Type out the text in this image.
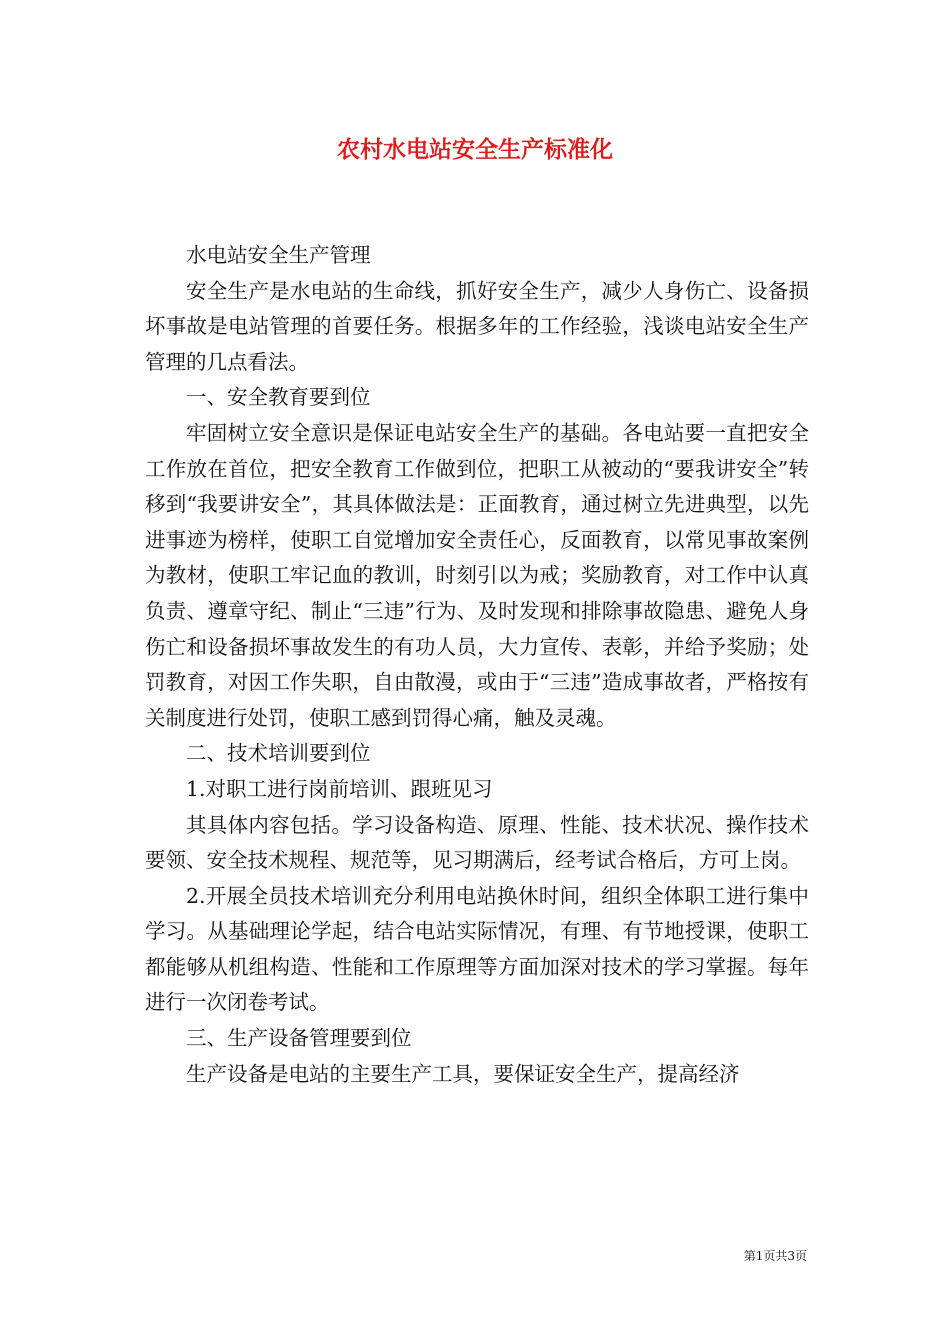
农村水电站安全生产标准化

水电站安全生产管理

安全生产是水电站的生命线，抓好安全生产，减少人身伤亡、设备损坏事故是电站管理的首要任务。根据多年的工作经验，浅谈电站安全生产管理的几点看法。

一、安全教育要到位

牢固树立安全意识是保证电站安全生产的基础。各电站要一直把安全工作放在首位，把安全教育工作做到位，把职工从被动的“要我讲安全”转移到“我要讲安全”，其具体做法是：正面教育，通过树立先进典型，以先进事迹为榜样，使职工自觉增加安全责任心，反面教育，以常见事故案例为教材，使职工牢记血的教训，时刻引以为戒；奖励教育，对工作中认真负责、遵章守纪、制止“三违”行为、及时发现和排除事故隐患、避免人身伤亡和设备损坏事故发生的有功人员，大力宣传、表彰，并给予奖励；处罚教育，对因工作失职，自由散漫，或由于“三违”造成事故者，严格按有关制度进行处罚，使职工感到罚得心痛，触及灵魂。

二、技术培训要到位

1.对职工进行岗前培训、跟班见习

其具体内容包括。学习设备构造、原理、性能、技术状况、操作技术要领、安全技术规程、规范等，见习期满后，经考试合格后，方可上岗。

2.开展全员技术培训充分利用电站换休时间，组织全体职工进行集中学习。从基础理论学起，结合电站实际情况，有理、有节地授课，使职工都能够从机组构造、性能和工作原理等方面加深对技术的学习掌握。每年进行一次闭卷考试。

三、生产设备管理要到位

生产设备是电站的主要生产工具，要保证安全生产，提高经济

第1页共3页
